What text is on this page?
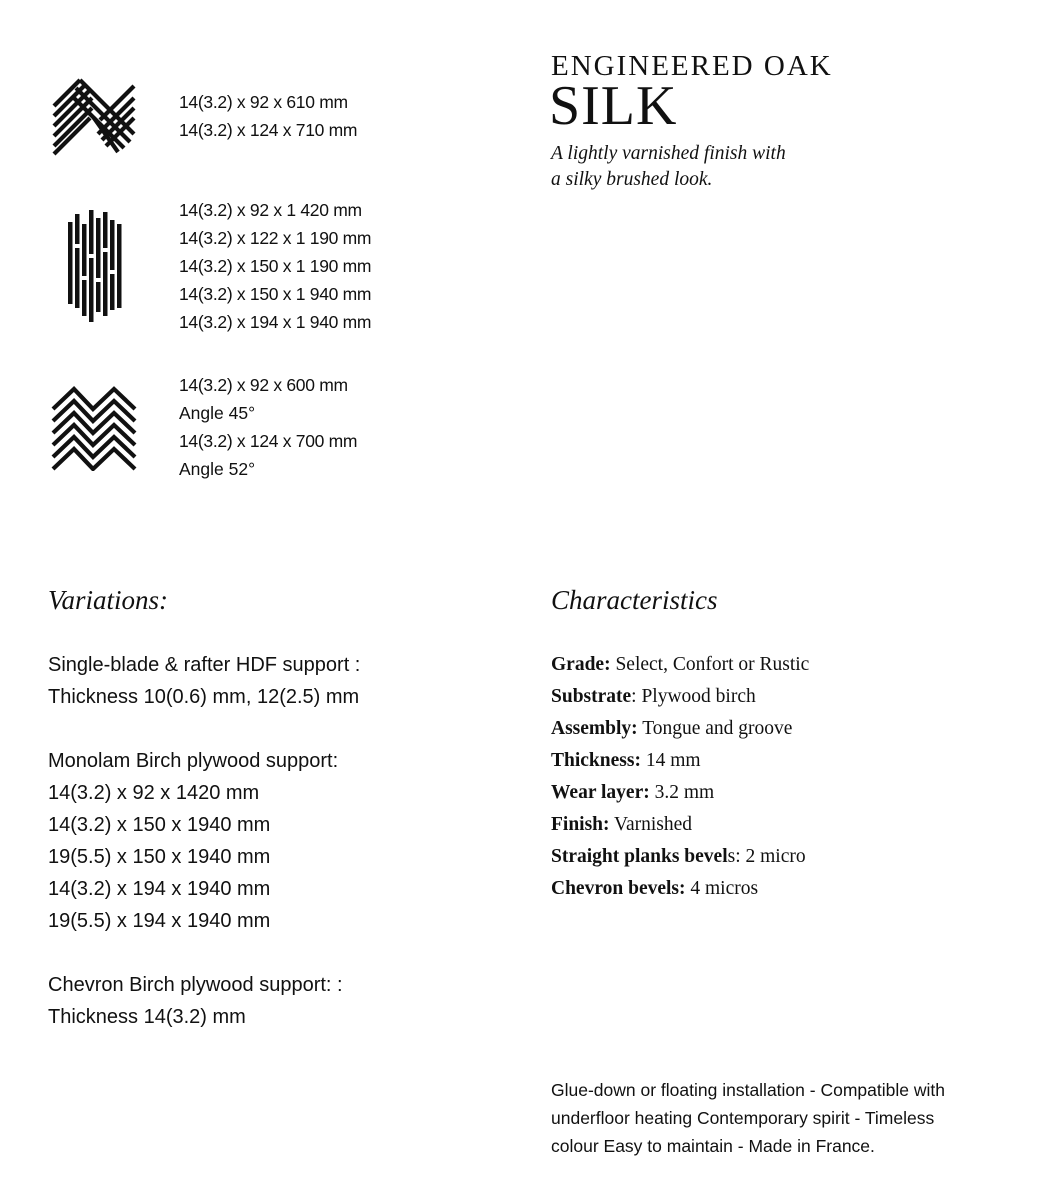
14(3.2) x 92 x 610 mm
14(3.2) x 124 x 710 mm
14(3.2) x 92 x 1 420 mm
14(3.2) x 122 x 1 190 mm
14(3.2) x 150 x 1 190 mm
14(3.2) x 150 x 1 940 mm
14(3.2) x 194 x 1 940 mm
14(3.2) x 92 x 600 mm
Angle 45°
14(3.2) x 124 x 700 mm
Angle 52°
ENGINEERED OAK
SILK
A lightly varnished finish with
a silky brushed look.
Variations:	Characteristics
Single-blade & rafter HDF support :
Thickness 10(0.6) mm, 12(2.5) mm
Monolam Birch plywood support:
14(3.2) x 92 x 1420 mm
14(3.2) x 150 x 1940 mm
19(5.5) x 150 x 1940 mm
14(3.2) x 194 x 1940 mm
19(5.5) x 194 x 1940 mm
Chevron Birch plywood support: :
Thickness 14(3.2) mm
Grade: Select, Confort or Rustic
Substrate: Plywood birch
Assembly: Tongue and groove
Thickness: 14 mm
Wear layer: 3.2 mm
Finish: Varnished
Straight planks bevels: 2 micro
Chevron bevels: 4 micros
Glue-down or floating installation - Compatible with underfloor heating Contemporary spirit - Timeless colour Easy to maintain - Made in France.
